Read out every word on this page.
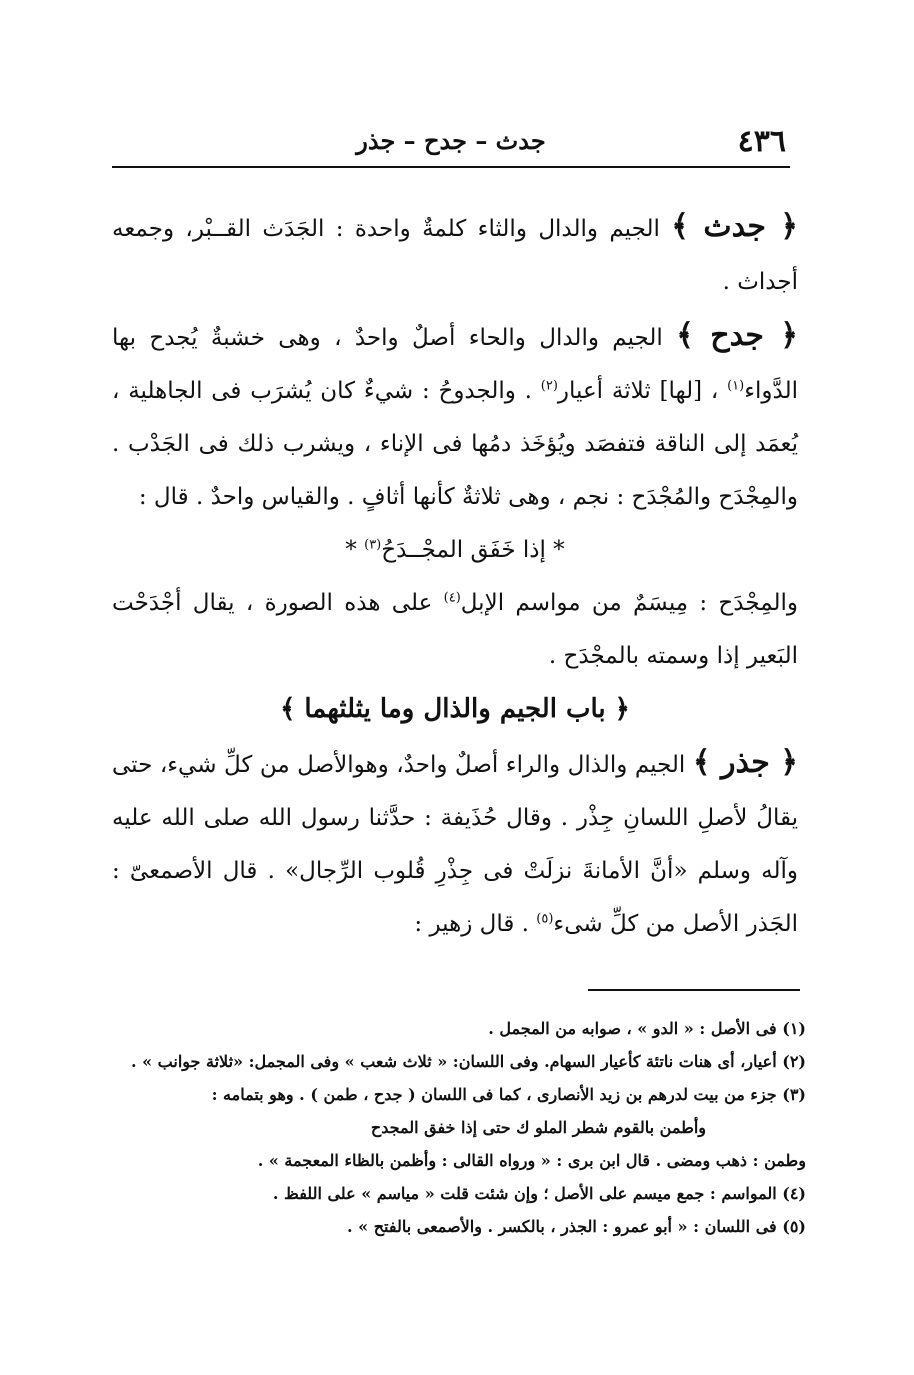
٤٣٦
جدث – جدح – جذر

﴿ جدث ﴾ الجيم والدال والثاء كلمةٌ واحدة : الجَدَث القــبْر، وجمعه أجداث .

﴿ جدح ﴾ الجيم والدال والحاء أصلٌ واحدٌ ، وهى خشبةٌ يُجدح بها الدَّواء$^{(١)}$ ، [لها] ثلاثة أعيار$^{(٢)}$ . والجدوحُ : شيءٌ كان يُشرَب فى الجاهلية ، يُعمَد إلى الناقة فتفصَد ويُؤخَذ دمُها فى الإناء ، ويشرب ذلك فى الجَدْب . والمِجْدَح والمُجْدَح : نجم ، وهى ثلاثةٌ كأنها أثافٍ . والقياس واحدٌ . قال :

* إذا خَفَق المجْــدَحُ$^{(٣)}$ *

والمِجْدَح : مِيسَمٌ من مواسم الإبل$^{(٤)}$ على هذه الصورة ، يقال أجْدَحْت البَعير إذا وسمته بالمجْدَح .

﴿ باب الجيم والذال وما يثلثهما ﴾

﴿ جذر ﴾ الجيم والذال والراء أصلٌ واحدٌ، وهوالأصل من كلِّ شيء، حتى يقالُ لأصلِ اللسانِ جِذْر . وقال حُذَيفة : حدَّثنا رسول الله صلى الله عليه وآله وسلم «أنَّ الأمانةَ نزلَتْ فى جِذْرِ قُلوب الرِّجال» . قال الأصمعىّ : الجَذر الأصل من كلِّ شىء$^{(٥)}$ . قال زهير :

(١) فى الأصل : « الدو » ، صوابه من المجمل .

(٢) أعيار، أى هنات ناتئة كأعيار السهام. وفى اللسان: « ثلاث شعب » وفى المجمل: «ثلاثة جوانب » .

(٣) جزء من بيت لدرهم بن زيد الأنصارى ، كما فى اللسان ( جدح ، طمن ) . وهو بتمامه :

وأطمن بالقوم شطر الملو ك حتى إذا خفق المجدح

وطمن : ذهب ومضى . قال ابن برى : « ورواه القالى : وأظمن بالظاء المعجمة » .

(٤) المواسم : جمع ميسم على الأصل ؛ وإن شئت قلت « مياسم » على اللفظ .

(٥) فى اللسان : « أبو عمرو : الجذر ، بالكسر . والأصمعى بالفتح » .
